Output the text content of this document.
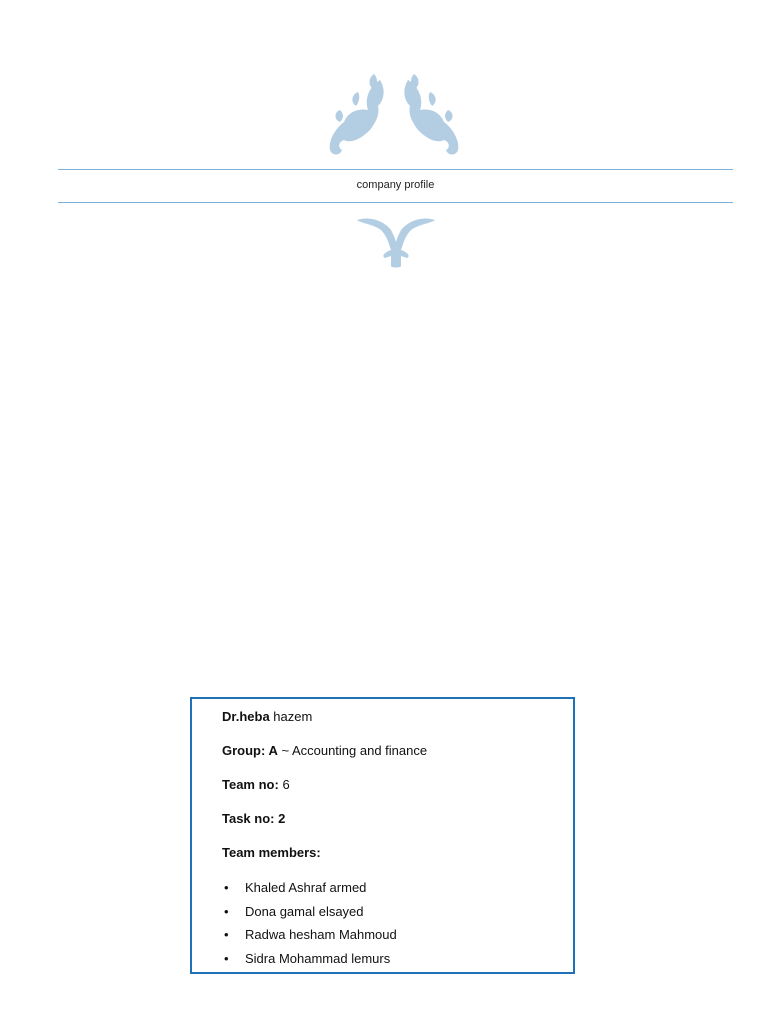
company profile
Dr.heba hazem
Group: A ~ Accounting and finance
Team no: 6
Task no: 2
Team members:
• Khaled Ashraf armed
• Dona gamal elsayed
• Radwa hesham Mahmoud
• Sidra Mohammad lemurs
